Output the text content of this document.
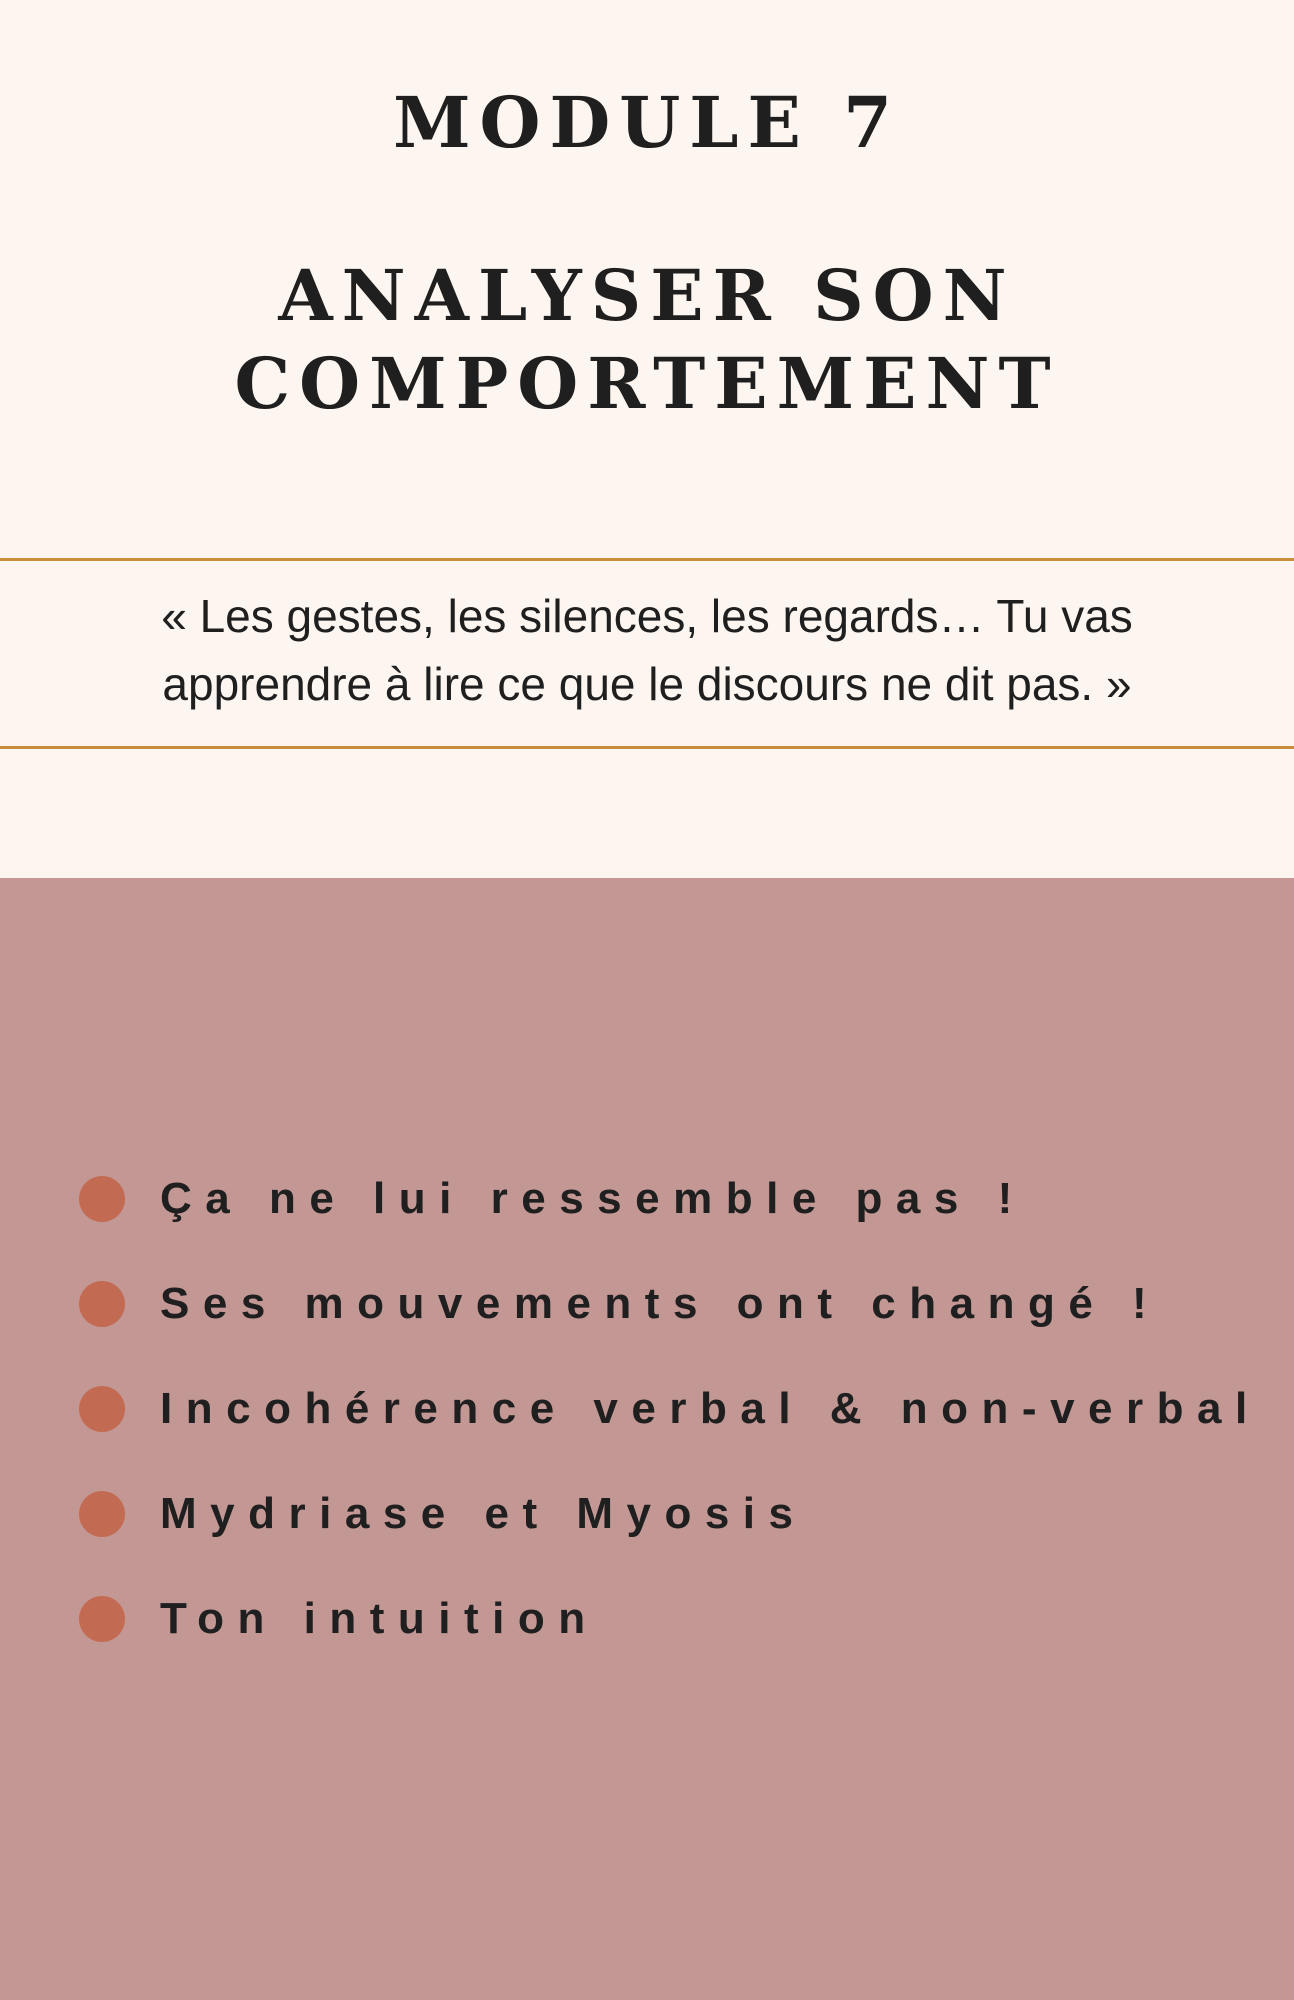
MODULE 7
ANALYSER SON
COMPORTEMENT
« Les gestes, les silences, les regards… Tu vas
apprendre à lire ce que le discours ne dit pas. »
Ça ne lui ressemble pas !
Ses mouvements ont changé !
Incohérence verbal & non-verbal
Mydriase et Myosis
Ton intuition
